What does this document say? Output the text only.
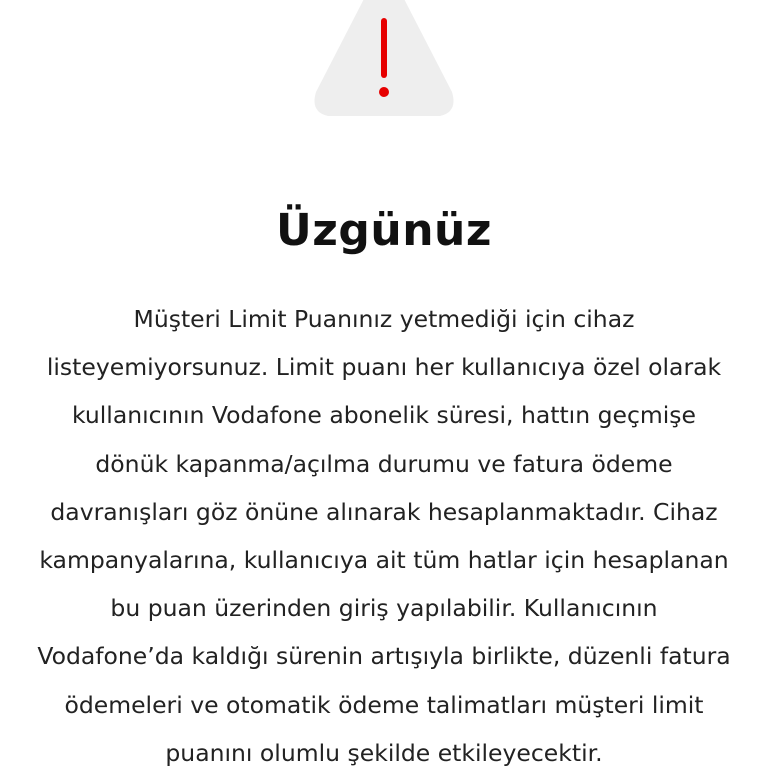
Üzgünüz
Müşteri Limit Puanınız yetmediği için cihaz
listeyemiyorsunuz. Limit puanı her kullanıcıya özel olarak
kullanıcının Vodafone abonelik süresi, hattın geçmişe
dönük kapanma/açılma durumu ve fatura ödeme
davranışları göz önüne alınarak hesaplanmaktadır. Cihaz
kampanyalarına, kullanıcıya ait tüm hatlar için hesaplanan
bu puan üzerinden giriş yapılabilir. Kullanıcının
Vodafone’da kaldığı sürenin artışıyla birlikte, düzenli fatura
ödemeleri ve otomatik ödeme talimatları müşteri limit
puanını olumlu şekilde etkileyecektir.
